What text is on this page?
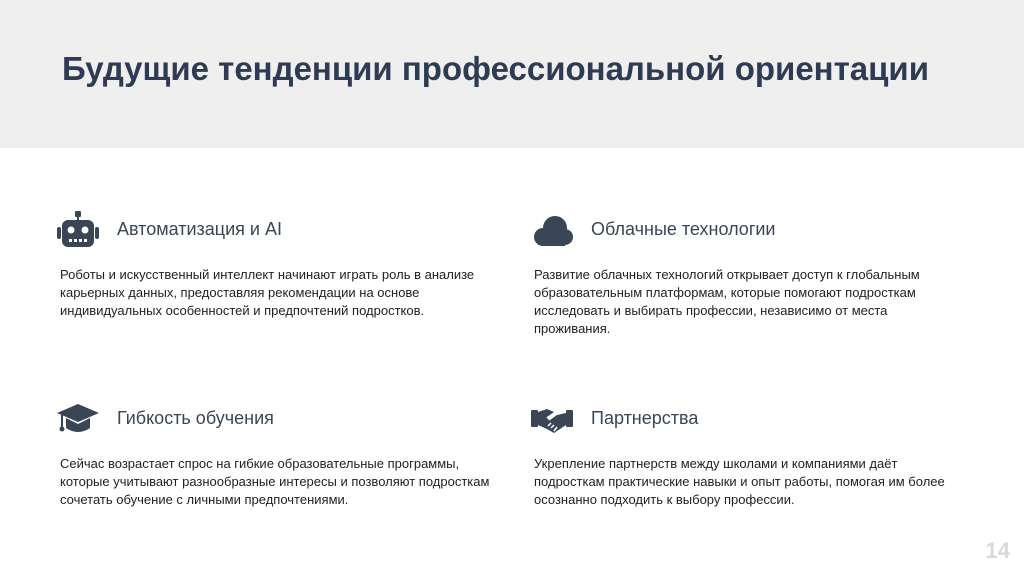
Будущие тенденции профессиональной ориентации
Автоматизация и AI
Роботы и искусственный интеллект начинают играть роль в анализе карьерных данных, предоставляя рекомендации на основе индивидуальных особенностей и предпочтений подростков.
Облачные технологии
Развитие облачных технологий открывает доступ к глобальным образовательным платформам, которые помогают подросткам исследовать и выбирать профессии, независимо от места проживания.
Гибкость обучения
Сейчас возрастает спрос на гибкие образовательные программы, которые учитывают разнообразные интересы и позволяют подросткам сочетать обучение с личными предпочтениями.
Партнерства
Укрепление партнерств между школами и компаниями даёт подросткам практические навыки и опыт работы, помогая им более осознанно подходить к выбору профессии.
14
